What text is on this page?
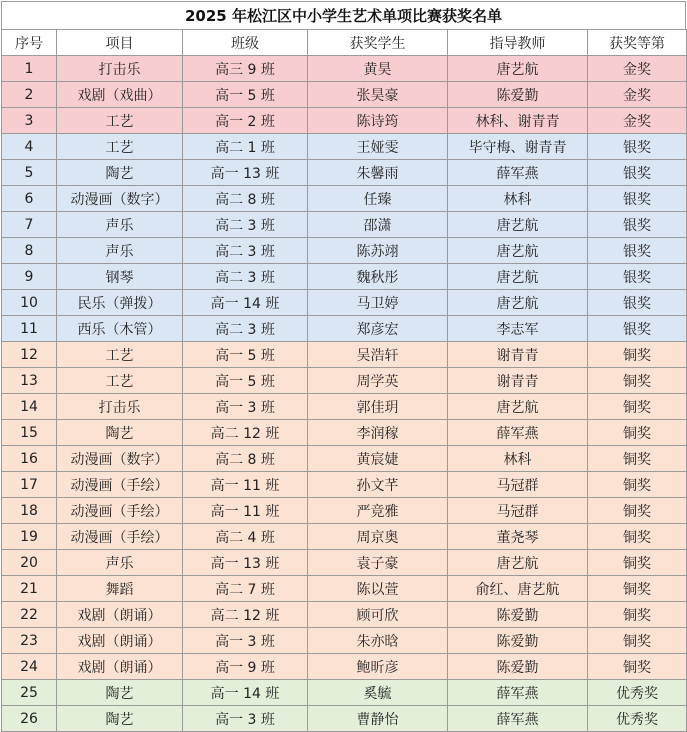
2025 年松江区中小学生艺术单项比赛获奖名单
序号	项目	班级	获奖学生	指导教师	获奖等第
1	打击乐	高三 9 班	黄昊	唐艺航	金奖
2	戏剧（戏曲）	高一 5 班	张昊豪	陈爱勤	金奖
3	工艺	高一 2 班	陈诗筠	林科、谢青青	金奖
4	工艺	高二 1 班	王娅雯	毕守梅、谢青青	银奖
5	陶艺	高一 13 班	朱馨雨	薛军燕	银奖
6	动漫画（数字）	高二 8 班	任臻	林科	银奖
7	声乐	高二 3 班	邵潇	唐艺航	银奖
8	声乐	高二 3 班	陈苏翊	唐艺航	银奖
9	钢琴	高二 3 班	魏秋彤	唐艺航	银奖
10	民乐（弹拨）	高一 14 班	马卫婷	唐艺航	银奖
11	西乐（木管）	高二 3 班	郑彦宏	李志军	银奖
12	工艺	高一 5 班	吴浩轩	谢青青	铜奖
13	工艺	高一 5 班	周学英	谢青青	铜奖
14	打击乐	高一 3 班	郭佳玥	唐艺航	铜奖
15	陶艺	高二 12 班	李润稼	薛军燕	铜奖
16	动漫画（数字）	高二 8 班	黄宸婕	林科	铜奖
17	动漫画（手绘）	高一 11 班	孙文芊	马冠群	铜奖
18	动漫画（手绘）	高一 11 班	严竞雅	马冠群	铜奖
19	动漫画（手绘）	高二 4 班	周京奥	董尧琴	铜奖
20	声乐	高一 13 班	袁子豪	唐艺航	铜奖
21	舞蹈	高二 7 班	陈以萱	俞红、唐艺航	铜奖
22	戏剧（朗诵）	高二 12 班	顾可欣	陈爱勤	铜奖
23	戏剧（朗诵）	高一 3 班	朱亦晗	陈爱勤	铜奖
24	戏剧（朗诵）	高一 9 班	鲍昕彦	陈爱勤	铜奖
25	陶艺	高一 14 班	奚毓	薛军燕	优秀奖
26	陶艺	高一 3 班	曹静怡	薛军燕	优秀奖
